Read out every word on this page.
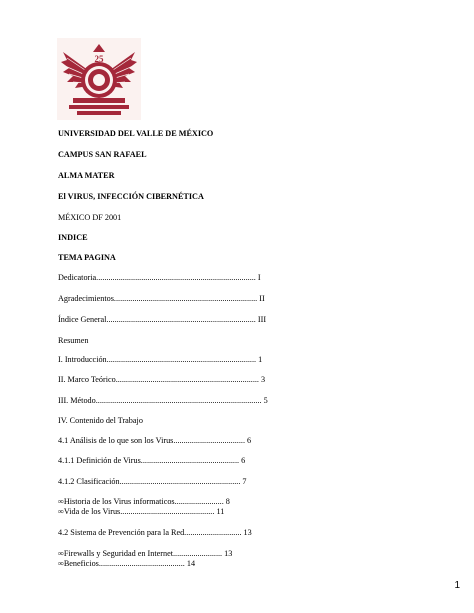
25
UNIVERSIDAD DEL VALLE DE MÉXICO
CAMPUS SAN RAFAEL
ALMA MATER
El VIRUS, INFECCIÓN CIBERNÉTICA
MÉXICO DF 2001
INDICE
TEMA PAGINA
Dedicatoria.............................................................................. I
Agradecimientos...................................................................... II
Índice General......................................................................... III
Resumen
I. Introducción......................................................................... 1
II. Marco Teórico...................................................................... 3
III. Método................................................................................. 5
IV. Contenido del Trabajo
4.1 Análisis de lo que son los Virus................................... 6
4.1.1 Definición de Virus................................................ 6
4.1.2 Clasificación........................................................... 7
∞Historia de los Virus informaticos........................ 8
∞Vida de los Virus.............................................. 11
4.2 Sistema de Prevención para la Red............................ 13
∞Firewalls y Seguridad en Internet........................ 13
∞Beneficios.......................................... 14
1
